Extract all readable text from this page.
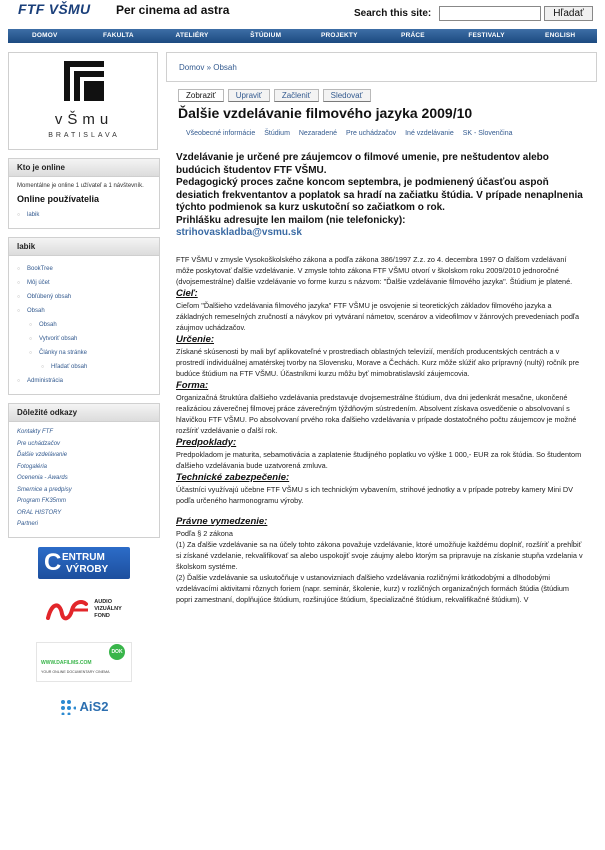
FTF VŠMU Per cinema ad astra	Search this site:	Hľadať
DOMOV	FAKULTA	ATELIÉRY	ŠTÚDIUM	PROJEKTY	PRÁCE	FESTIVALY	ENGLISH
vŠmu
BRATISLAVA
Kto je online
Momentálne je online 1 užívateľ a 1 návštevník.
Online používatelia
○ labik
labik
○ BookTree
○ Môj účet
○ Obľúbený obsah
○ Obsah
○ Obsah
○ Vytvoriť obsah
○ Články na stránke
○ Hľadať obsah
○ Administrácia
Dôležité odkazy
Kontakty FTF
Pre uchádzačov
Ďalšie vzdelávanie
Fotogaléria
Ocenenia - Awards
Smernice a predpisy
Program FK35mm
ORAL HISTORY
Partneri
C ENTRUM
VÝROBY
AUDIO
VIZUÁLNY
FOND
DOK
WWW.DAFILMS.COM
YOUR ONLINE DOCUMENTARY CINEMA
AiS2
Domov » Obsah
Zobraziť	Upraviť	Začleniť	Sledovať
Ďalšie vzdelávanie filmového jazyka 2009/10
Všeobecné informácie Štúdium Nezaradené Pre uchádzačov Iné vzdelávanie SK - Slovenčina
Vzdelávanie je určené pre záujemcov o filmové umenie, pre neštudentov alebo budúcich študentov FTF VŠMU.
Pedagogický proces začne koncom septembra, je podmienený účasťou aspoň desiatich frekventantov a poplatok sa hradí na začiatku štúdia. V prípade nenaplnenia týchto podmienok sa kurz uskutoční so začiatkom o rok.
Prihlášku adresujte len mailom (nie telefonicky):
strihovaskladba@vsmu.sk

FTF VŠMU v zmysle Vysokoškolského zákona a podľa zákona 386/1997 Z.z. zo 4. decembra 1997 O ďalšom vzdelávaní môže poskytovať ďalšie vzdelávanie. V zmysle tohto zákona FTF VŠMU otvorí v školskom roku 2009/2010 jednoročné (dvojsemestrálne) ďalšie vzdelávanie vo forme kurzu s názvom: "Ďalšie vzdelávanie filmového jazyka". Štúdium je platené.

Cieľ:

Cieľom "Ďalšieho vzdelávania filmového jazyka" FTF VŠMU je osvojenie si teoretických základov filmového jazyka a základných remeselných zručností a návykov pri vytváraní námetov, scenárov a videofilmov v žánrových prevedeniach podľa záujmov uchádzačov.

Určenie:

Získané skúsenosti by mali byť aplikovateľné v prostrediach oblastných televízií, menších producentských centrách a v prostredí individuálnej amatérskej tvorby na Slovensku, Morave a Čechách. Kurz môže slúžiť ako prípravný (nultý) ročník pre budúce štúdium na FTF VŠMU. Účastníkmi kurzu môžu byť mimobratislavskí záujemcovia.

Forma:

Organizačná štruktúra ďalšieho vzdelávania predstavuje dvojsemestrálne štúdium, dva dni jedenkrát mesačne, ukončené realizáciou záverečnej filmovej práce záverečným týždňovým sústredením. Absolvent získava osvedčenie o absolvovaní s hlavičkou FTF VŠMU. Po absolvovaní prvého roka ďalšieho vzdelávania v prípade dostatočného počtu záujemcov je možné rozšíriť vzdelávanie o ďalší rok.

Predpoklady:

Predpokladom je maturita, sebamotivácia a zaplatenie študijného poplatku vo výške 1 000,- EUR za rok štúdia. So študentom ďalšieho vzdelávania bude uzatvorená zmluva.

Technické zabezpečenie:

Účastníci využívajú učebne FTF VŠMU s ich technickým vybavením, strihové jednotky a v prípade potreby kamery Mini DV podľa určeného harmonogramu výroby.

Právne vymedzenie:

Podľa § 2 zákona

(1) Za ďalšie vzdelávanie sa na účely tohto zákona považuje vzdelávanie, ktoré umožňuje každému doplniť, rozšíriť a prehĺbiť si získané vzdelanie, rekvalifikovať sa alebo uspokojiť svoje záujmy alebo ktorým sa pripravuje na získanie stupňa vzdelania v školskom systéme.

(2) Ďalšie vzdelávanie sa uskutočňuje v ustanovizniach ďalšieho vzdelávania rozličnými krátkodobými a dlhodobými vzdelávacími aktivitami rôznych foriem (napr. seminár, školenie, kurz) v rozličných organizačných formách štúdia (štúdium popri zamestnaní, doplňujúce štúdium, rozširujúce štúdium, špecializačné štúdium, rekvalifikačné štúdium). V
